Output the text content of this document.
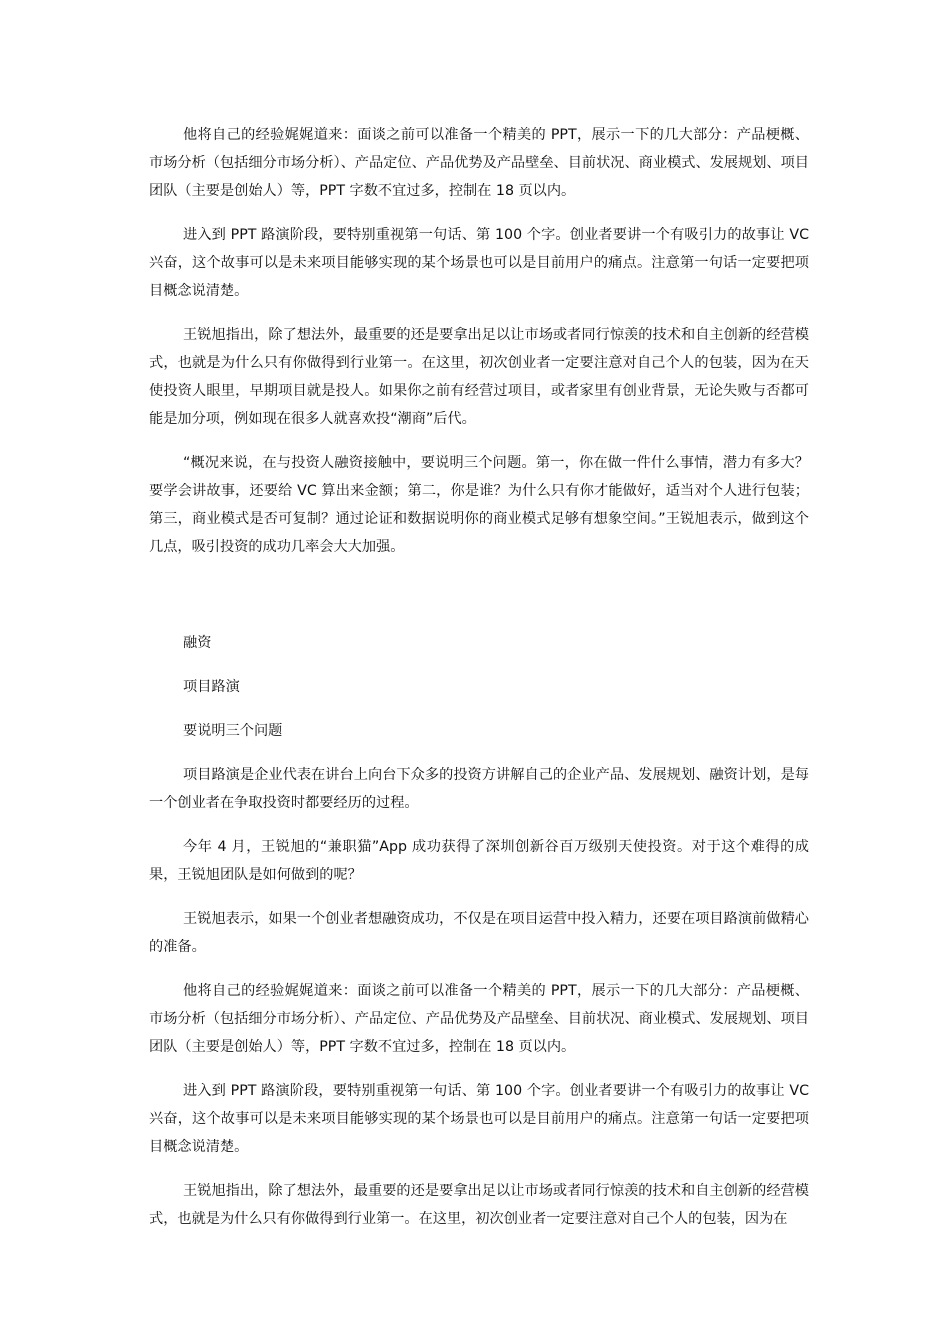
他将自己的经验娓娓道来：面谈之前可以准备一个精美的 PPT，展示一下的几大部分：产品梗概、市场分析（包括细分市场分析）、产品定位、产品优势及产品壁垒、目前状况、商业模式、发展规划、项目团队（主要是创始人）等，PPT 字数不宜过多，控制在 18 页以内。

进入到 PPT 路演阶段，要特别重视第一句话、第 100 个字。创业者要讲一个有吸引力的故事让 VC 兴奋，这个故事可以是未来项目能够实现的某个场景也可以是目前用户的痛点。注意第一句话一定要把项目概念说清楚。

王锐旭指出，除了想法外，最重要的还是要拿出足以让市场或者同行惊羡的技术和自主创新的经营模式，也就是为什么只有你做得到行业第一。在这里，初次创业者一定要注意对自己个人的包装，因为在天使投资人眼里，早期项目就是投人。如果你之前有经营过项目，或者家里有创业背景，无论失败与否都可能是加分项，例如现在很多人就喜欢投“潮商”后代。

“概况来说，在与投资人融资接触中，要说明三个问题。第一，你在做一件什么事情，潜力有多大？要学会讲故事，还要给 VC 算出来金额；第二，你是谁？为什么只有你才能做好，适当对个人进行包装；第三，商业模式是否可复制？通过论证和数据说明你的商业模式足够有想象空间。”王锐旭表示，做到这个几点，吸引投资的成功几率会大大加强。

融资

项目路演

要说明三个问题

项目路演是企业代表在讲台上向台下众多的投资方讲解自己的企业产品、发展规划、融资计划，是每一个创业者在争取投资时都要经历的过程。

今年 4 月，王锐旭的“兼职猫”App 成功获得了深圳创新谷百万级别天使投资。对于这个难得的成果，王锐旭团队是如何做到的呢？

王锐旭表示，如果一个创业者想融资成功，不仅是在项目运营中投入精力，还要在项目路演前做精心的准备。

他将自己的经验娓娓道来：面谈之前可以准备一个精美的 PPT，展示一下的几大部分：产品梗概、市场分析（包括细分市场分析）、产品定位、产品优势及产品壁垒、目前状况、商业模式、发展规划、项目团队（主要是创始人）等，PPT 字数不宜过多，控制在 18 页以内。

进入到 PPT 路演阶段，要特别重视第一句话、第 100 个字。创业者要讲一个有吸引力的故事让 VC 兴奋，这个故事可以是未来项目能够实现的某个场景也可以是目前用户的痛点。注意第一句话一定要把项目概念说清楚。

王锐旭指出，除了想法外，最重要的还是要拿出足以让市场或者同行惊羡的技术和自主创新的经营模式，也就是为什么只有你做得到行业第一。在这里，初次创业者一定要注意对自己个人的包装，因为在
